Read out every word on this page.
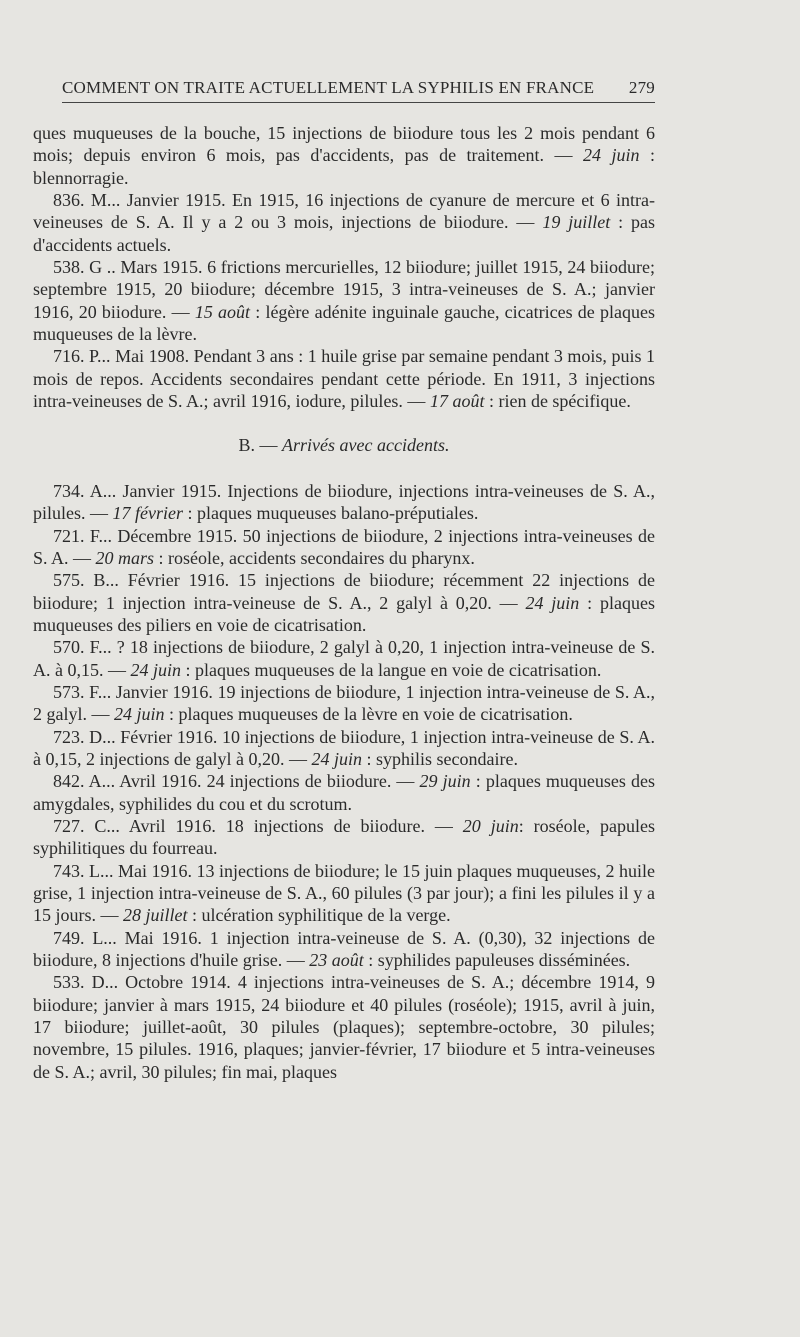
COMMENT ON TRAITE ACTUELLEMENT LA SYPHILIS EN FRANCE 279

ques muqueuses de la bouche, 15 injections de biiodure tous les 2 mois pendant 6 mois; depuis environ 6 mois, pas d'accidents, pas de traitement. — 24 juin : blennorragie.

836. M... Janvier 1915. En 1915, 16 injections de cyanure de mercure et 6 intra-veineuses de S. A. Il y a 2 ou 3 mois, injections de biiodure. — 19 juillet : pas d'accidents actuels.

538. G .. Mars 1915. 6 frictions mercurielles, 12 biiodure; juillet 1915, 24 biiodure; septembre 1915, 20 biiodure; décembre 1915, 3 intra-veineuses de S. A.; janvier 1916, 20 biiodure. — 15 août : légère adénite inguinale gauche, cicatrices de plaques muqueuses de la lèvre.

716. P... Mai 1908. Pendant 3 ans : 1 huile grise par semaine pendant 3 mois, puis 1 mois de repos. Accidents secondaires pendant cette période. En 1911, 3 injections intra-veineuses de S. A.; avril 1916, iodure, pilules. — 17 août : rien de spécifique.

B. — Arrivés avec accidents.

734. A... Janvier 1915. Injections de biiodure, injections intra-veineuses de S. A., pilules. — 17 février : plaques muqueuses balano-préputiales.

721. F... Décembre 1915. 50 injections de biiodure, 2 injections intra-veineuses de S. A. — 20 mars : roséole, accidents secondaires du pharynx.

575. B... Février 1916. 15 injections de biiodure; récemment 22 injections de biiodure; 1 injection intra-veineuse de S. A., 2 galyl à 0,20. — 24 juin : plaques muqueuses des piliers en voie de cicatrisation.

570. F... ? 18 injections de biiodure, 2 galyl à 0,20, 1 injection intra-veineuse de S. A. à 0,15. — 24 juin : plaques muqueuses de la langue en voie de cicatrisation.

573. F... Janvier 1916. 19 injections de biiodure, 1 injection intra-veineuse de S. A., 2 galyl. — 24 juin : plaques muqueuses de la lèvre en voie de cicatrisation.

723. D... Février 1916. 10 injections de biiodure, 1 injection intra-veineuse de S. A. à 0,15, 2 injections de galyl à 0,20. — 24 juin : syphilis secondaire.

842. A... Avril 1916. 24 injections de biiodure. — 29 juin : plaques muqueuses des amygdales, syphilides du cou et du scrotum.

727. C... Avril 1916. 18 injections de biiodure. — 20 juin: roséole, papules syphilitiques du fourreau.

743. L... Mai 1916. 13 injections de biiodure; le 15 juin plaques muqueuses, 2 huile grise, 1 injection intra-veineuse de S. A., 60 pilules (3 par jour); a fini les pilules il y a 15 jours. — 28 juillet : ulcération syphilitique de la verge.

749. L... Mai 1916. 1 injection intra-veineuse de S. A. (0,30), 32 injections de biiodure, 8 injections d'huile grise. — 23 août : syphilides papuleuses disséminées.

533. D... Octobre 1914. 4 injections intra-veineuses de S. A.; décembre 1914, 9 biiodure; janvier à mars 1915, 24 biiodure et 40 pilules (roséole); 1915, avril à juin, 17 biiodure; juillet-août, 30 pilules (plaques); septembre-octobre, 30 pilules; novembre, 15 pilules. 1916, plaques; janvier-février, 17 biiodure et 5 intra-veineuses de S. A.; avril, 30 pilules; fin mai, plaques
